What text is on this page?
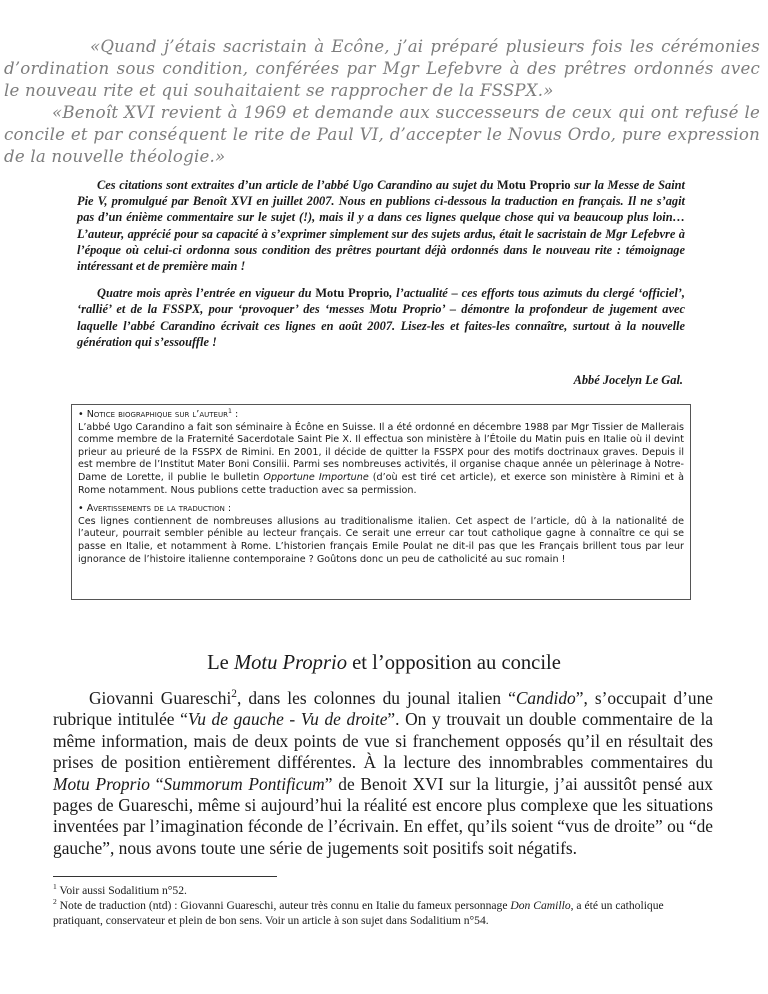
«Quand j’étais sacristain à Ecône, j’ai préparé plusieurs fois les cérémonies d’ordination sous condition, conférées par Mgr Lefebvre à des prêtres ordonnés avec le nouveau rite et qui souhaitaient se rapprocher de la FSSPX.»

«Benoît XVI revient à 1969 et demande aux successeurs de ceux qui ont refusé le concile et par conséquent le rite de Paul VI, d’accepter le Novus Ordo, pure expression de la nouvelle théologie.»

Ces citations sont extraites d’un article de l’abbé Ugo Carandino au sujet du Motu Proprio sur la Messe de Saint Pie V, promulgué par Benoît XVI en juillet 2007. Nous en publions ci-dessous la traduction en français. Il ne s’agit pas d’un énième commentaire sur le sujet (!), mais il y a dans ces lignes quelque chose qui va beaucoup plus loin… L’auteur, apprécié pour sa capacité à s’exprimer simplement sur des sujets ardus, était le sacristain de Mgr Lefebvre à l’époque où celui-ci ordonna sous condition des prêtres pourtant déjà ordonnés dans le nouveau rite : témoignage intéressant et de première main !

Quatre mois après l’entrée en vigueur du Motu Proprio, l’actualité – ces efforts tous azimuts du clergé ‘officiel’, ‘rallié’ et de la FSSPX, pour ‘provoquer’ des ‘messes Motu Proprio’ – démontre la profondeur de jugement avec laquelle l’abbé Carandino écrivait ces lignes en août 2007. Lisez-les et faites-les connaître, surtout à la nouvelle génération qui s’essouffle !

Abbé Jocelyn Le Gal.

• Notice biographique sur l’auteur$^1$ :

L’abbé Ugo Carandino a fait son séminaire à Écône en Suisse. Il a été ordonné en décembre 1988 par Mgr Tissier de Mallerais comme membre de la Fraternité Sacerdotale Saint Pie X. Il effectua son ministère à l’Étoile du Matin puis en Italie où il devint prieur au prieuré de la FSSPX de Rimini. En 2001, il décide de quitter la FSSPX pour des motifs doctrinaux graves. Depuis il est membre de l’Institut Mater Boni Consilii. Parmi ses nombreuses activités, il organise chaque année un pèlerinage à Notre-Dame de Lorette, il publie le bulletin Opportune Importune (d’où est tiré cet article), et exerce son ministère à Rimini et à Rome notamment. Nous publions cette traduction avec sa permission.

• Avertissements de la traduction :

Ces lignes contiennent de nombreuses allusions au traditionalisme italien. Cet aspect de l’article, dû à la nationalité de l’auteur, pourrait sembler pénible au lecteur français. Ce serait une erreur car tout catholique gagne à connaître ce qui se passe en Italie, et notamment à Rome. L’historien français Emile Poulat ne dit-il pas que les Français brillent tous par leur ignorance de l’histoire italienne contemporaine ? Goûtons donc un peu de catholicité au suc romain !

Le Motu Proprio et l’opposition au concile

Giovanni Guareschi$^2$, dans les colonnes du jounal italien “Candido”, s’occupait d’une rubrique intitulée “Vu de gauche - Vu de droite”. On y trouvait un double commentaire de la même information, mais de deux points de vue si franchement opposés qu’il en résultait des prises de position entièrement différentes. À la lecture des innombrables commentaires du Motu Proprio “Summorum Pontificum” de Benoit XVI sur la liturgie, j’ai aussitôt pensé aux pages de Guareschi, même si aujourd’hui la réalité est encore plus complexe que les situations inventées par l’imagination féconde de l’écrivain. En effet, qu’ils soient “vus de droite” ou “de gauche”, nous avons toute une série de jugements soit positifs soit négatifs.

$^1$ Voir aussi Sodalitium n°52.
$^2$ Note de traduction (ntd) : Giovanni Guareschi, auteur très connu en Italie du fameux personnage Don Camillo, a été un catholique pratiquant, conservateur et plein de bon sens. Voir un article à son sujet dans Sodalitium n°54.
